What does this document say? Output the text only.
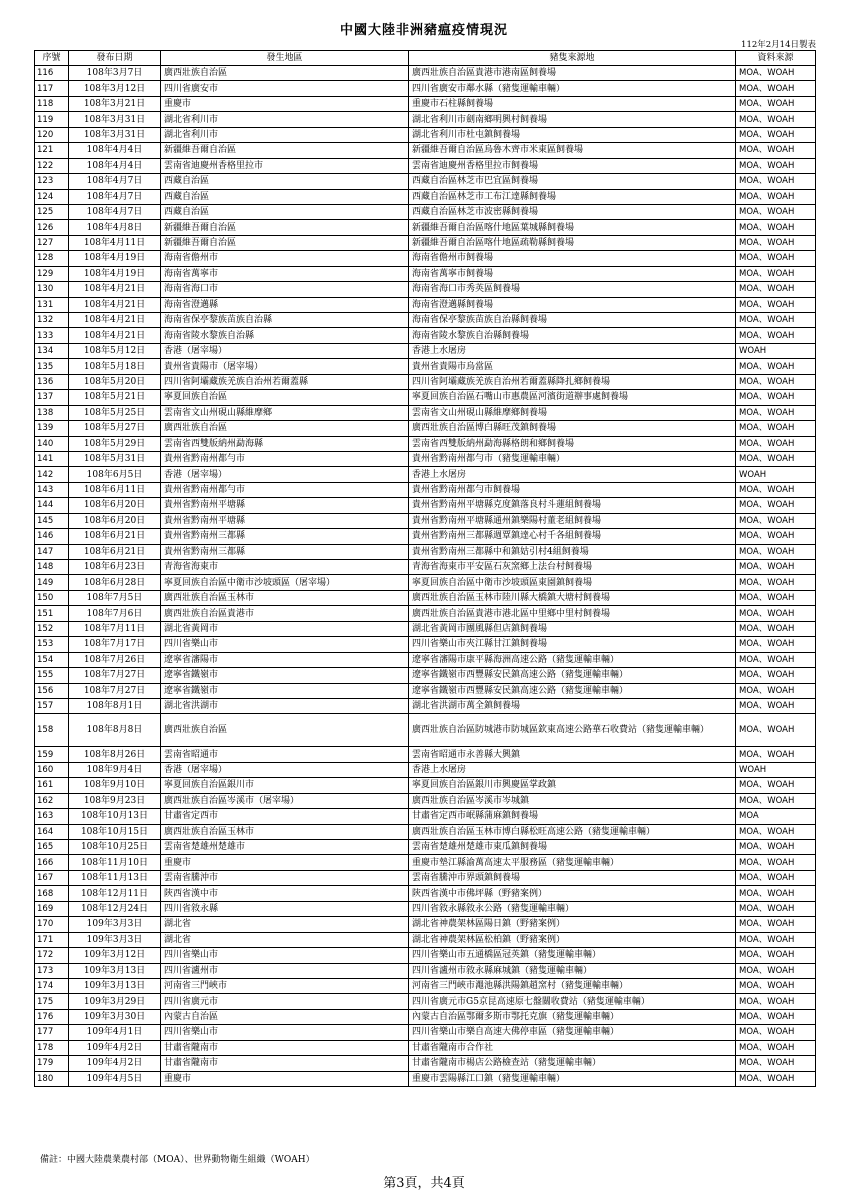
中國大陸非洲豬瘟疫情現況
112年2月14日製表
序號	發布日期	發生地區	豬隻來源地	資料來源
116	108年3月7日	廣西壯族自治區	廣西壯族自治區貴港市港南區飼養場	MOA、WOAH
117	108年3月12日	四川省廣安市	四川省廣安市鄰水縣（豬隻運輸車輛）	MOA、WOAH
118	108年3月21日	重慶市	重慶市石柱縣飼養場	MOA、WOAH
119	108年3月31日	湖北省利川市	湖北省利川市劍南鄉明興村飼養場	MOA、WOAH
120	108年3月31日	湖北省利川市	湖北省利川市杜屯鎮飼養場	MOA、WOAH
121	108年4月4日	新疆維吾爾自治區	新疆維吾爾自治區烏魯木齊市米東區飼養場	MOA、WOAH
122	108年4月4日	雲南省迪慶州香格里拉市	雲南省迪慶州香格里拉市飼養場	MOA、WOAH
123	108年4月7日	西藏自治區	西藏自治區林芝市巴宜區飼養場	MOA、WOAH
124	108年4月7日	西藏自治區	西藏自治區林芝市工布江達縣飼養場	MOA、WOAH
125	108年4月7日	西藏自治區	西藏自治區林芝市波密縣飼養場	MOA、WOAH
126	108年4月8日	新疆維吾爾自治區	新疆維吾爾自治區喀什地區葉城縣飼養場	MOA、WOAH
127	108年4月11日	新疆維吾爾自治區	新疆維吾爾自治區喀什地區疏勒縣飼養場	MOA、WOAH
128	108年4月19日	海南省儋州市	海南省儋州市飼養場	MOA、WOAH
129	108年4月19日	海南省萬寧市	海南省萬寧市飼養場	MOA、WOAH
130	108年4月21日	海南省海口市	海南省海口市秀英區飼養場	MOA、WOAH
131	108年4月21日	海南省澄邁縣	海南省澄邁縣飼養場	MOA、WOAH
132	108年4月21日	海南省保亭黎族苗族自治縣	海南省保亭黎族苗族自治縣飼養場	MOA、WOAH
133	108年4月21日	海南省陵水黎族自治縣	海南省陵水黎族自治縣飼養場	MOA、WOAH
134	108年5月12日	香港（屠宰場）	香港上水屠房	WOAH
135	108年5月18日	貴州省貴陽市（屠宰場）	貴州省貴陽市烏當區	MOA、WOAH
136	108年5月20日	四川省阿壩藏族羌族自治州若爾蓋縣	四川省阿壩藏族羌族自治州若爾蓋縣降扎鄉飼養場	MOA、WOAH
137	108年5月21日	寧夏回族自治區	寧夏回族自治區石嘴山市惠農區河濱街道辦事處飼養場	MOA、WOAH
138	108年5月25日	雲南省文山州硯山縣維摩鄉	雲南省文山州硯山縣維摩鄉飼養場	MOA、WOAH
139	108年5月27日	廣西壯族自治區	廣西壯族自治區博白縣旺茂鎮飼養場	MOA、WOAH
140	108年5月29日	雲南省西雙版納州勐海縣	雲南省西雙版納州勐海縣格朗和鄉飼養場	MOA、WOAH
141	108年5月31日	貴州省黔南州都勻市	貴州省黔南州都勻市（豬隻運輸車輛）	MOA、WOAH
142	108年6月5日	香港（屠宰場）	香港上水屠房	WOAH
143	108年6月11日	貴州省黔南州都勻市	貴州省黔南州都勻市飼養場	MOA、WOAH
144	108年6月20日	貴州省黔南州平塘縣	貴州省黔南州平塘縣克度鎮落良村斗蓮組飼養場	MOA、WOAH
145	108年6月20日	貴州省黔南州平塘縣	貴州省黔南州平塘縣通州鎮樂陽村董老組飼養場	MOA、WOAH
146	108年6月21日	貴州省黔南州三都縣	貴州省黔南州三都縣週覃鎮達心村千各組飼養場	MOA、WOAH
147	108年6月21日	貴州省黔南州三都縣	貴州省黔南州三都縣中和鎮姑引村4組飼養場	MOA、WOAH
148	108年6月23日	青海省海東市	青海省海東市平安區石灰窯鄉上法台村飼養場	MOA、WOAH
149	108年6月28日	寧夏回族自治區中衛市沙坡頭區（屠宰場）	寧夏回族自治區中衛市沙坡頭區東園鎮飼養場	MOA、WOAH
150	108年7月5日	廣西壯族自治區玉林市	廣西壯族自治區玉林市陸川縣大橋鎮大塘村飼養場	MOA、WOAH
151	108年7月6日	廣西壯族自治區貴港市	廣西壯族自治區貴港市港北區中里鄉中里村飼養場	MOA、WOAH
152	108年7月11日	湖北省黃岡市	湖北省黃岡市團風縣但店鎮飼養場	MOA、WOAH
153	108年7月17日	四川省樂山市	四川省樂山市夾江縣甘江鎮飼養場	MOA、WOAH
154	108年7月26日	遼寧省瀋陽市	遼寧省瀋陽市康平縣海洲高速公路（豬隻運輸車輛）	MOA、WOAH
155	108年7月27日	遼寧省鐵嶺市	遼寧省鐵嶺市西豐縣安民鎮高速公路（豬隻運輸車輛）	MOA、WOAH
156	108年7月27日	遼寧省鐵嶺市	遼寧省鐵嶺市西豐縣安民鎮高速公路（豬隻運輸車輛）	MOA、WOAH
157	108年8月1日	湖北省洪湖市	湖北省洪湖市萬全鎮飼養場	MOA、WOAH
158	108年8月8日	廣西壯族自治區	廣西壯族自治區防城港市防城區欽東高速公路華石收費站（豬隻運輸車輛）	MOA、WOAH
159	108年8月26日	雲南省昭通市	雲南省昭通市永善縣大興鎮	MOA、WOAH
160	108年9月4日	香港（屠宰場）	香港上水屠房	WOAH
161	108年9月10日	寧夏回族自治區銀川市	寧夏回族自治區銀川市興慶區掌政鎮	MOA、WOAH
162	108年9月23日	廣西壯族自治區岑溪市（屠宰場）	廣西壯族自治區岑溪市岑城鎮	MOA、WOAH
163	108年10月13日	甘肅省定西市	甘肅省定西市岷縣蒲麻鎮飼養場	MOA
164	108年10月15日	廣西壯族自治區玉林市	廣西壯族自治區玉林市博白縣松旺高速公路（豬隻運輸車輛）	MOA、WOAH
165	108年10月25日	雲南省楚雄州楚雄市	雲南省楚雄州楚雄市東瓜鎮飼養場	MOA、WOAH
166	108年11月10日	重慶市	重慶市墊江縣渝萬高速太平服務區（豬隻運輸車輛）	MOA、WOAH
167	108年11月13日	雲南省騰沖市	雲南省騰沖市界頭鎮飼養場	MOA、WOAH
168	108年12月11日	陝西省漢中市	陝西省漢中市佛坪縣（野豬案例）	MOA、WOAH
169	108年12月24日	四川省敘永縣	四川省敘永縣敘永公路（豬隻運輸車輛）	MOA、WOAH
170	109年3月3日	湖北省	湖北省神農架林區陽日鎮（野豬案例）	MOA、WOAH
171	109年3月3日	湖北省	湖北省神農架林區松柏鎮（野豬案例）	MOA、WOAH
172	109年3月12日	四川省樂山市	四川省樂山市五通橋區冠英鎮（豬隻運輸車輛）	MOA、WOAH
173	109年3月13日	四川省瀘州市	四川省瀘州市敘永縣麻城鎮（豬隻運輸車輛）	MOA、WOAH
174	109年3月13日	河南省三門峽市	河南省三門峽市澠池縣洪陽鎮趙窯村（豬隻運輸車輛）	MOA、WOAH
175	109年3月29日	四川省廣元市	四川省廣元市G5京昆高速原七盤關收費站（豬隻運輸車輛）	MOA、WOAH
176	109年3月30日	內蒙古自治區	內蒙古自治區鄂爾多斯市鄂托克旗（豬隻運輸車輛）	MOA、WOAH
177	109年4月1日	四川省樂山市	四川省樂山市樂自高速大佛停車區（豬隻運輸車輛）	MOA、WOAH
178	109年4月2日	甘肅省隴南市	甘肅省隴南市合作社	MOA、WOAH
179	109年4月2日	甘肅省隴南市	甘肅省隴南市楊店公路檢查站（豬隻運輸車輛）	MOA、WOAH
180	109年4月5日	重慶市	重慶市雲陽縣江口鎮（豬隻運輸車輛）	MOA、WOAH
備註：中國大陸農業農村部（MOA）、世界動物衛生組織（WOAH）
第3頁，共4頁
